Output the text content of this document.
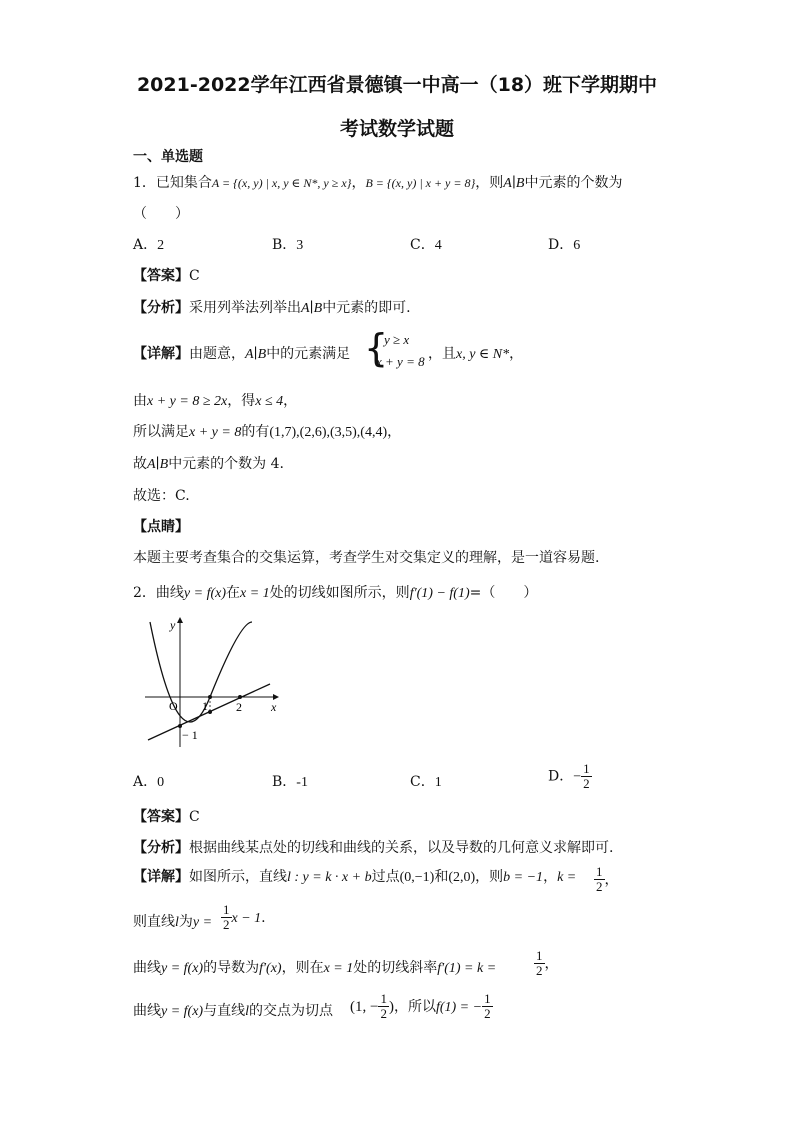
2021-2022学年江西省景德镇一中高一（18）班下学期期中
考试数学试题
一、单选题
1．已知集合A = {(x, y) | x, y ∈ N*, y ≥ x}，B = {(x, y) | x + y = 8}，则A∣B中元素的个数为
（　　）
A．2	B．3	C．4	D．6
【答案】C
【分析】采用列举法列举出A∣B中元素的即可.
【详解】由题意，A∣B中的元素满足 {
y ≥ x
x + y = 8 ，且x, y ∈ N*，
由x + y = 8 ≥ 2x，得x ≤ 4，
所以满足x + y = 8的有(1,7),(2,6),(3,5),(4,4)，
故A∣B中元素的个数为 4.
故选：C.
【点睛】
本题主要考查集合的交集运算，考查学生对交集定义的理解，是一道容易题.
2．曲线y = f(x)在x = 1处的切线如图所示，则f′(1) − f(1)=（　　）
y
x
O 1 2
− 1
A．0	B．-1	C．1	D．− $\frac{1}{2}$
【答案】C
【分析】根据曲线某点处的切线和曲线的关系，以及导数的几何意义求解即可.
【详解】如图所示，直线l : y = k · x + b过点(0,−1)和(2,0)，则b = −1，$k = \frac{1}{2}$ ，
则直线l为$y = \frac{1}{2}$ x − 1.
曲线y = f(x)的导数为f′(x)，则在x = 1处的切线斜率f′(1) = k =	$\frac{1}{2}$ ，
曲线y = f(x)与直线l的交点为切点 (1, − $\frac{1}{2}$ )，所以f(1) = − $\frac{1}{2}$
